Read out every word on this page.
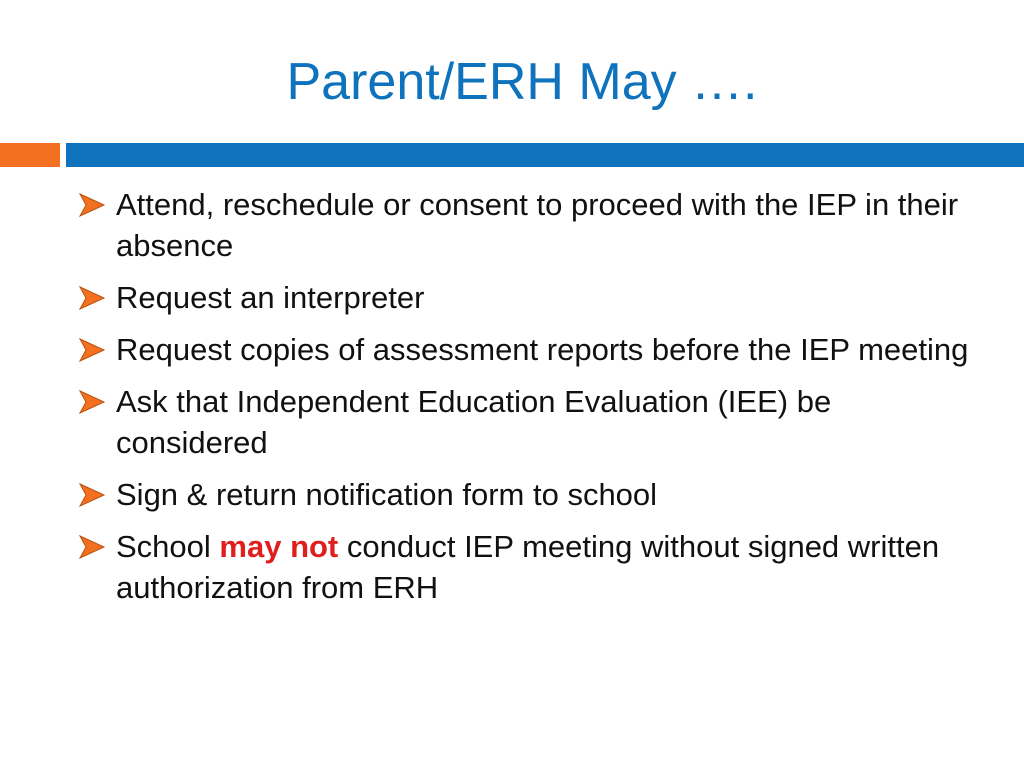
Parent/ERH May ….
Attend, reschedule or consent to proceed with the IEP in their absence
Request an interpreter
Request copies of assessment reports before the IEP meeting
Ask that Independent Education Evaluation (IEE) be considered
Sign & return notification form to school
School may not conduct IEP meeting without signed written authorization from ERH
